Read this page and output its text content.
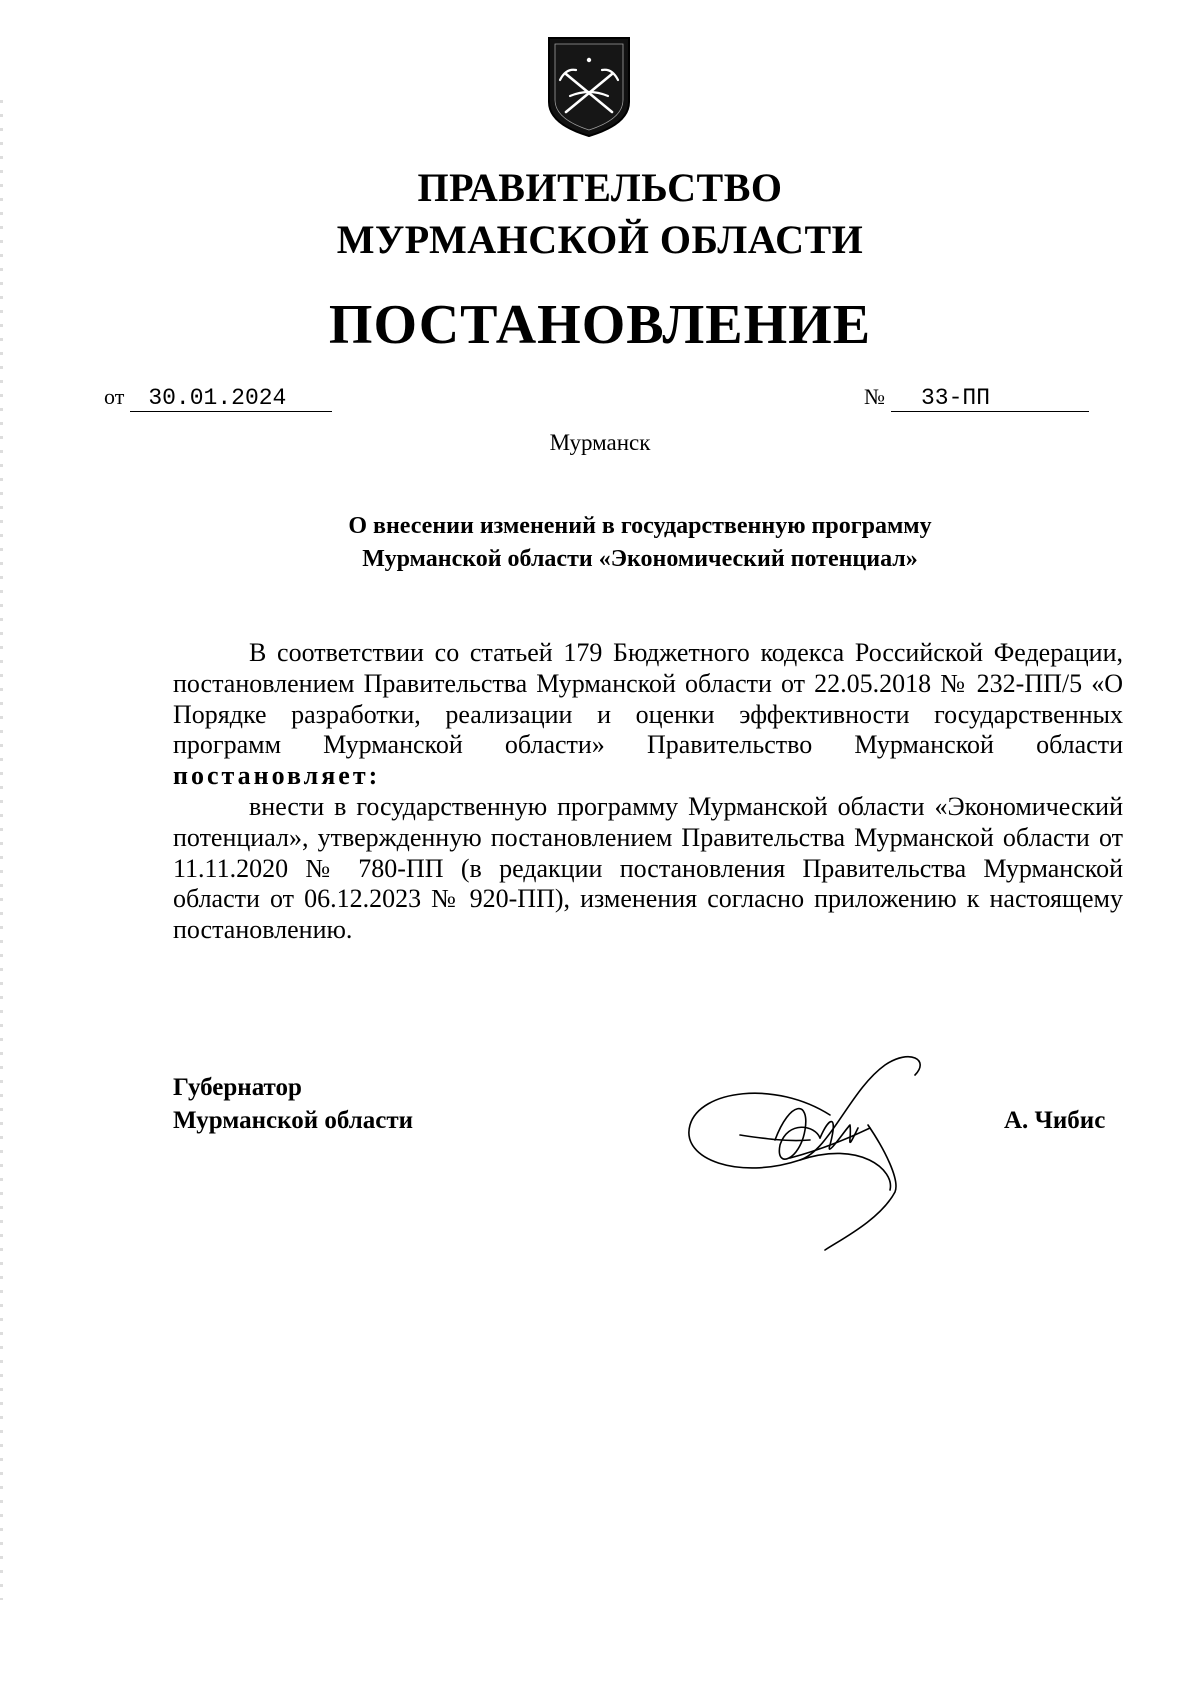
ПРАВИТЕЛЬСТВО
МУРМАНСКОЙ ОБЛАСТИ
ПОСТАНОВЛЕНИЕ
от 30.01.2024	№ 33-ПП
Мурманск
О внесении изменений в государственную программу
Мурманской области «Экономический потенциал»

В соответствии со статьей 179 Бюджетного кодекса Российской Федерации, постановлением Правительства Мурманской области от 22.05.2018 № 232-ПП/5 «О Порядке разработки, реализации и оценки эффективности государственных программ Мурманской области» Правительство Мурманской области постановляет:

внести в государственную программу Мурманской области «Экономический потенциал», утвержденную постановлением Правительства Мурманской области от 11.11.2020 № 780-ПП (в редакции постановления Правительства Мурманской области от 06.12.2023 № 920-ПП), изменения согласно приложению к настоящему постановлению.

Губернатор
Мурманской области	А. Чибис
